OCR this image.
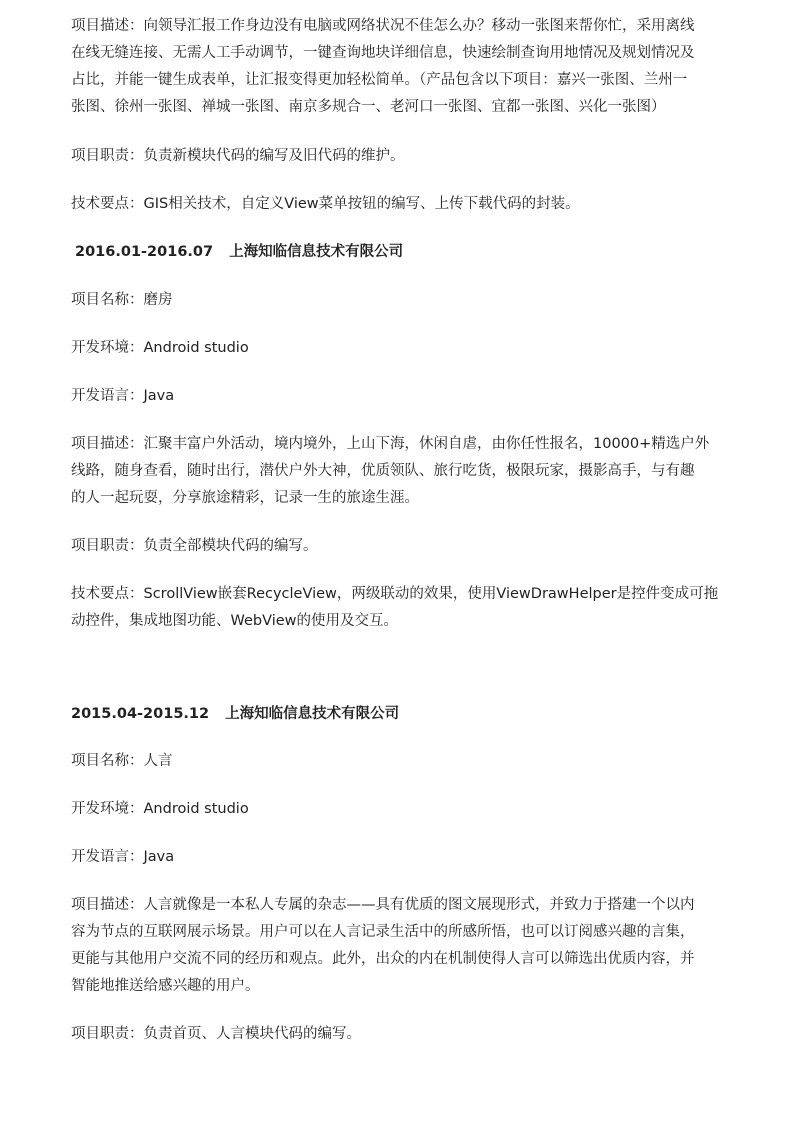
项目描述：向领导汇报工作身边没有电脑或网络状况不佳怎么办？移动一张图来帮你忙，采用离线
在线无缝连接、无需人工手动调节，一键查询地块详细信息，快速绘制查询用地情况及规划情况及
占比，并能一键生成表单，让汇报变得更加轻松简单。（产品包含以下项目：嘉兴一张图、兰州一
张图、徐州一张图、禅城一张图、南京多规合一、老河口一张图、宜都一张图、兴化一张图）
项目职责：负责新模块代码的编写及旧代码的维护。
技术要点：GIS相关技术，自定义View菜单按钮的编写、上传下载代码的封装。
2016.01-2016.07 上海知临信息技术有限公司
项目名称：磨房
开发环境：Android studio
开发语言：Java
项目描述：汇聚丰富户外活动，境内境外，上山下海，休闲自虐，由你任性报名，10000+精选户外
线路，随身查看，随时出行，潜伏户外大神，优质领队、旅行吃货，极限玩家，摄影高手，与有趣
的人一起玩耍，分享旅途精彩，记录一生的旅途生涯。
项目职责：负责全部模块代码的编写。
技术要点：ScrollView嵌套RecycleView，两级联动的效果，使用ViewDrawHelper是控件变成可拖
动控件，集成地图功能、WebView的使用及交互。
2015.04-2015.12 上海知临信息技术有限公司
项目名称：人言
开发环境：Android studio
开发语言：Java
项目描述：人言就像是一本私人专属的杂志——具有优质的图文展现形式，并致力于搭建一个以内
容为节点的互联网展示场景。用户可以在人言记录生活中的所感所悟，也可以订阅感兴趣的言集，
更能与其他用户交流不同的经历和观点。此外，出众的内在机制使得人言可以筛选出优质内容，并
智能地推送给感兴趣的用户。
项目职责：负责首页、人言模块代码的编写。
